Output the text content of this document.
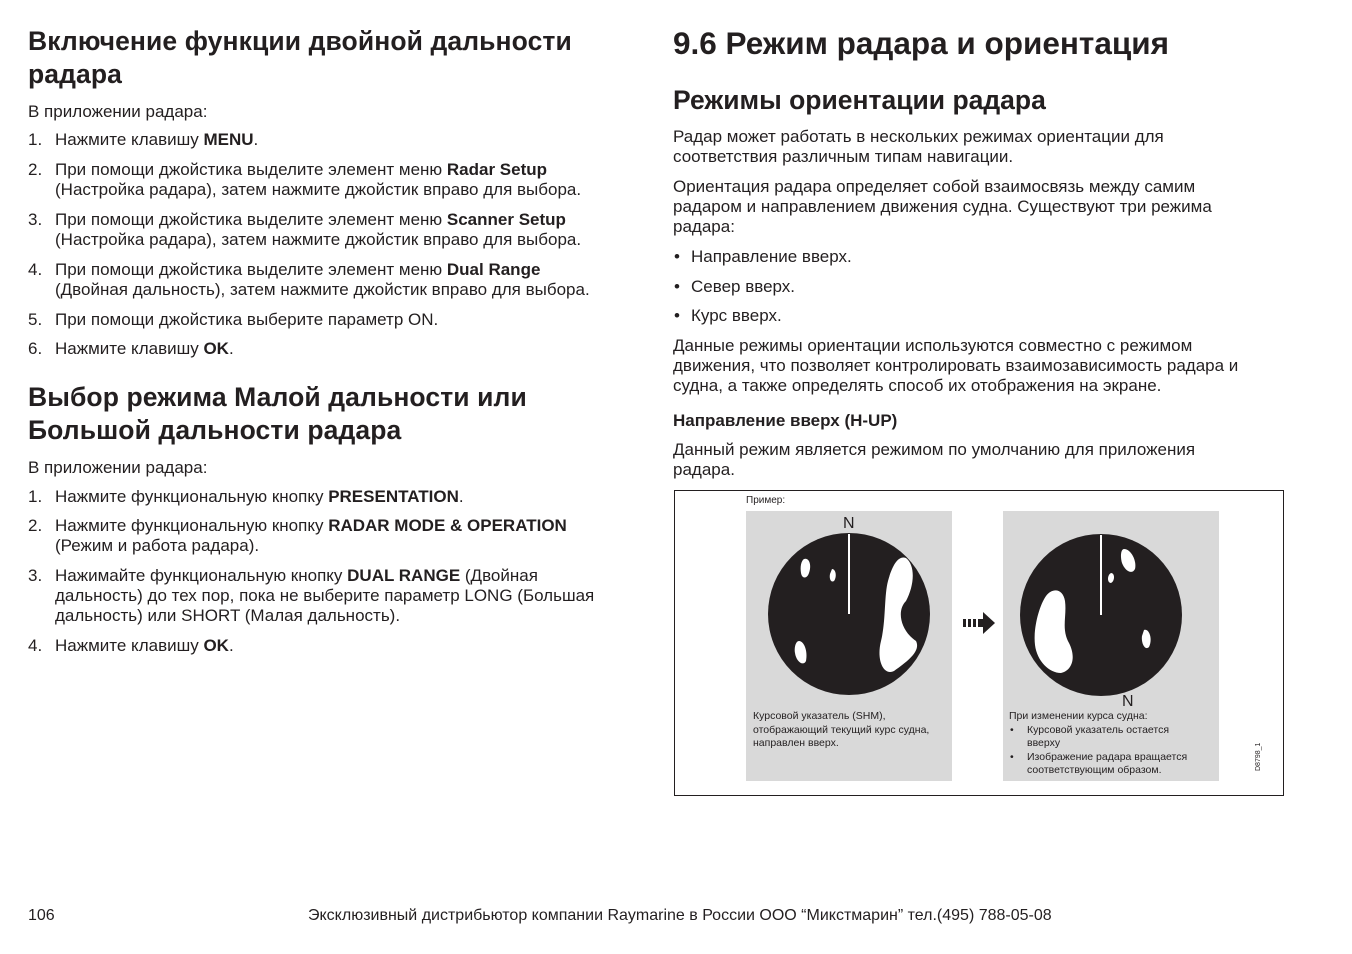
Включение функции двойной дальности
радара

В приложении радара:

1. Нажмите клавишу MENU.
2. При помощи джойстика выделите элемент меню Radar Setup
(Настройка радара), затем нажмите джойстик вправо для выбора.
3. При помощи джойстика выделите элемент меню Scanner Setup
(Настройка радара), затем нажмите джойстик вправо для выбора.
4. При помощи джойстика выделите элемент меню Dual Range
(Двойная дальность), затем нажмите джойстик вправо для выбора.
5. При помощи джойстика выберите параметр ON.
6. Нажмите клавишу OK.
Выбор режима Малой дальности или
Большой дальности радара

В приложении радара:

1. Нажмите функциональную кнопку PRESENTATION.
2. Нажмите функциональную кнопку RADAR MODE & OPERATION
(Режим и работа радара).
3. Нажимайте функциональную кнопку DUAL RANGE (Двойная
дальность) до тех пор, пока не выберите параметр LONG (Большая
дальность) или SHORT (Малая дальность).
4. Нажмите клавишу OK.
9.6 Режим радара и ориентация
Режимы ориентации радара

Радар может работать в нескольких режимах ориентации для
соответствия различным типам навигации.

Ориентация радара определяет собой взаимосвязь между самим
радаром и направлением движения судна. Существуют три режима
радара:

• Направление вверх.
• Север вверх.
• Курс вверх.

Данные режимы ориентации используются совместно с режимом
движения, что позволяет контролировать взаимозависимость радара и
судна, а также определять способ их отображения на экране.

Направление вверх (H-UP)

Данный режим является режимом по умолчанию для приложения
радара.

Пример:
N
Курсовой указатель (SHM),
отображающий текущий курс судна,
направлен вверх.
N
При изменении курса судна:
• Курсовой указатель остается
вверху
• Изображение радара вращается
соответствующим образом.	D8798_1
106	Эксклюзивный дистрибьютор компании Raymarine в России ООО “Микстмарин” тел.(495) 788-05-08
